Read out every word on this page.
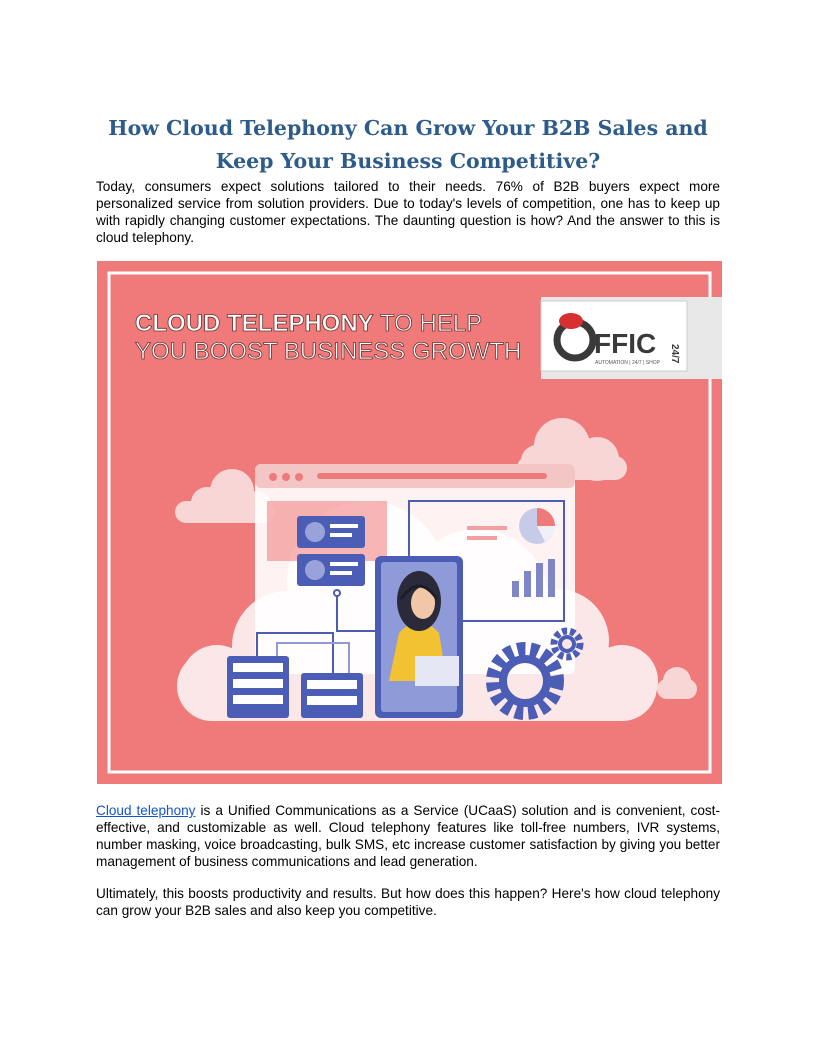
How Cloud Telephony Can Grow Your B2B Sales and
Keep Your Business Competitive?

Today, consumers expect solutions tailored to their needs. 76% of B2B buyers expect more personalized service from solution providers. Due to today's levels of competition, one has to keep up with rapidly changing customer expectations. The daunting question is how? And the answer to this is cloud telephony.

CLOUD TELEPHONY TO HELP
YOU BOOST BUSINESS GROWTH	FFIC 24/7
AUTOMATION | 24/7 | SHOP

Cloud telephony is a Unified Communications as a Service (UCaaS) solution and is convenient, cost-effective, and customizable as well. Cloud telephony features like toll-free numbers, IVR systems, number masking, voice broadcasting, bulk SMS, etc increase customer satisfaction by giving you better management of business communications and lead generation.

Ultimately, this boosts productivity and results. But how does this happen? Here's how cloud telephony can grow your B2B sales and also keep you competitive.
